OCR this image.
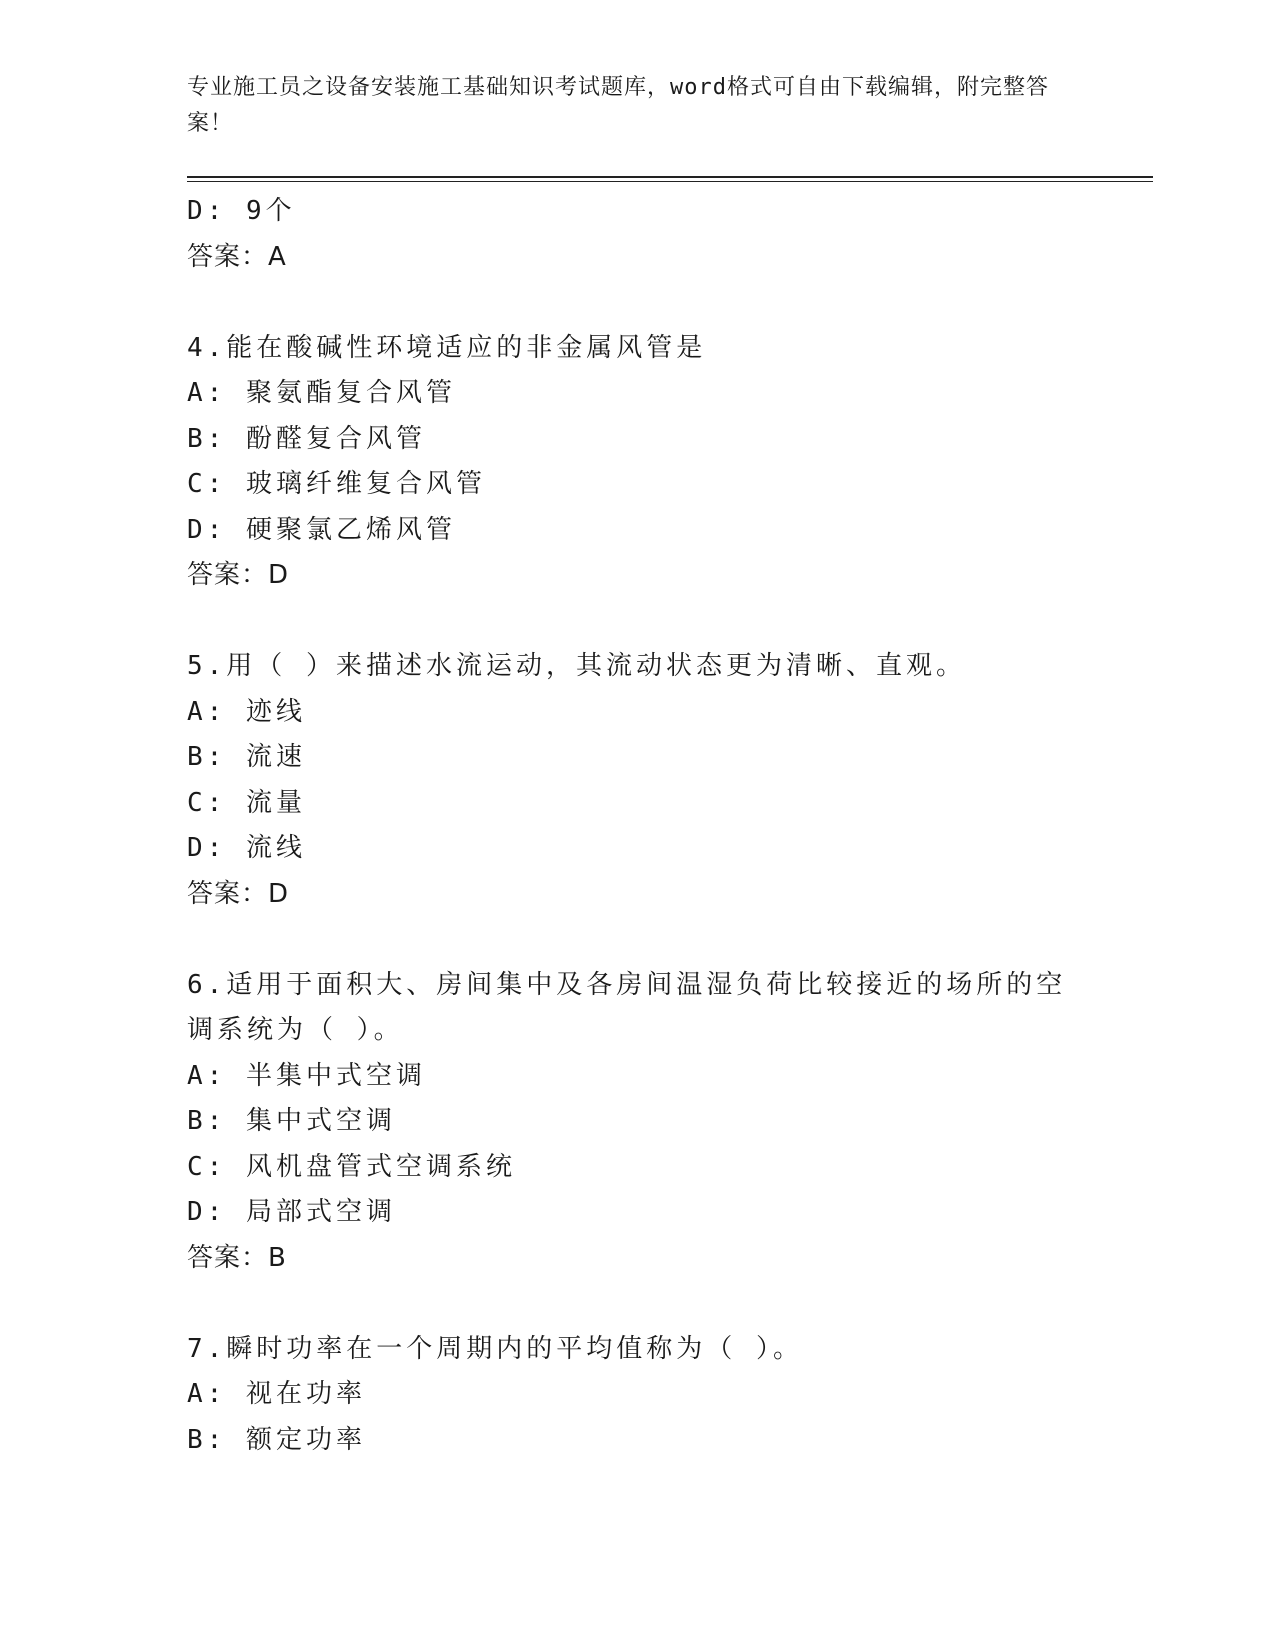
专业施工员之设备安装施工基础知识考试题库，word格式可自由下载编辑，附完整答案！
D: 9个
答案：A
4.能在酸碱性环境适应的非金属风管是
A: 聚氨酯复合风管
B: 酚醛复合风管
C: 玻璃纤维复合风管
D: 硬聚氯乙烯风管
答案：D
5.用（ ）来描述水流运动，其流动状态更为清晰、直观。
A: 迹线
B: 流速
C: 流量
D: 流线
答案：D
6.适用于面积大、房间集中及各房间温湿负荷比较接近的场所的空调系统为（ ）。
A: 半集中式空调
B: 集中式空调
C: 风机盘管式空调系统
D: 局部式空调
答案：B
7.瞬时功率在一个周期内的平均值称为（ ）。
A: 视在功率
B: 额定功率
